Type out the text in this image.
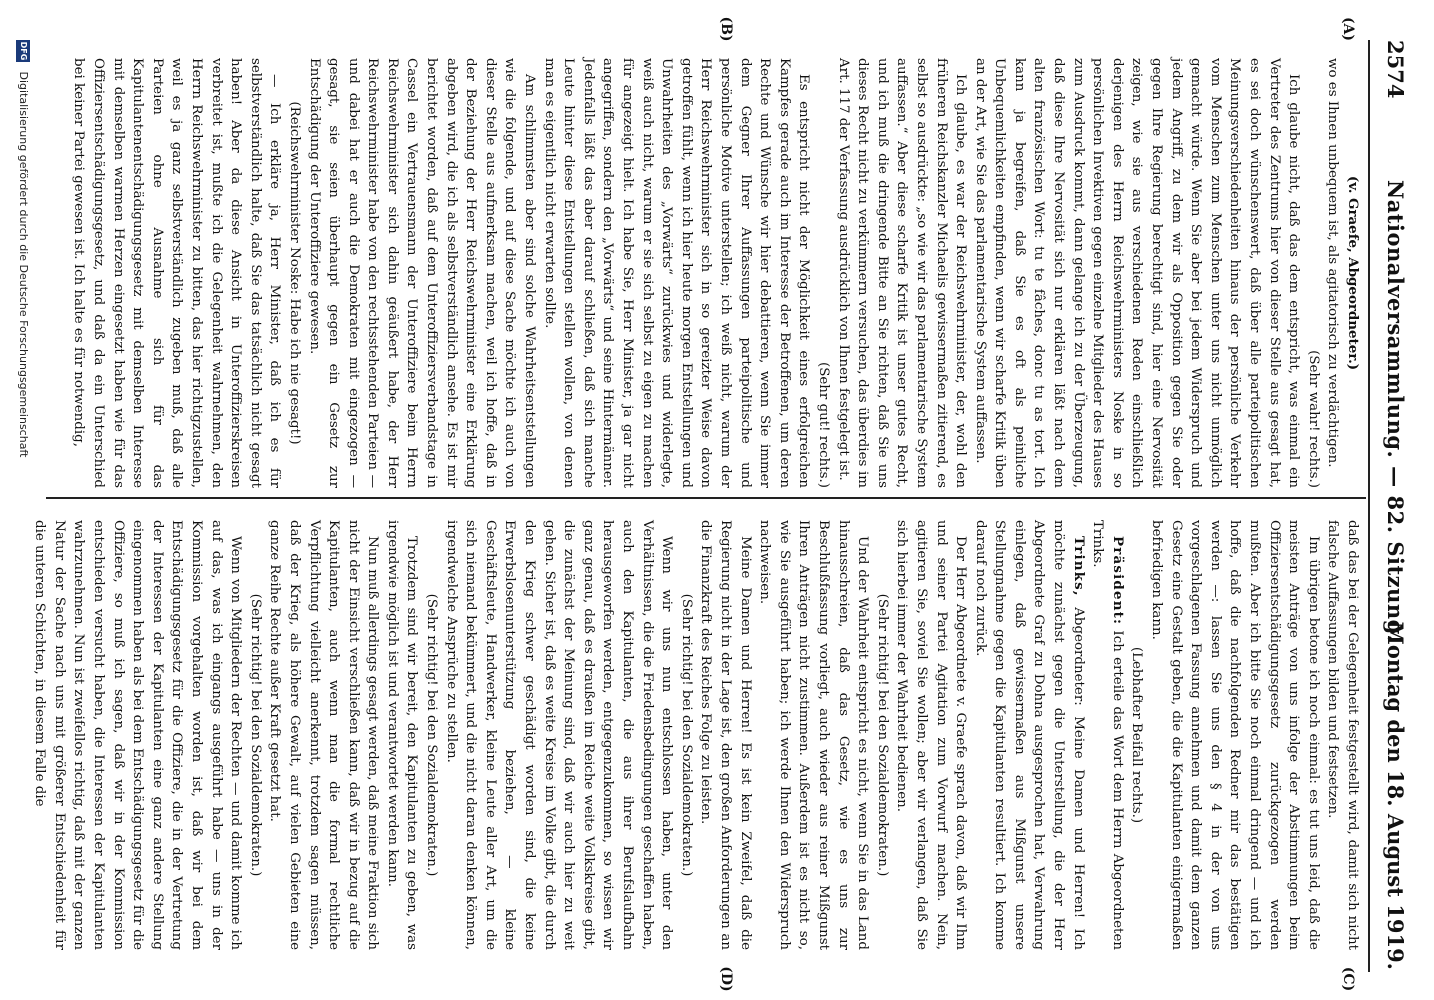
2574
Nationalversammlung. — 82. Sitzung.
Montag den 18. August 1919.
(A)
(B)
(C)
(D)

(v. Graefe, Abgeordneter.)

wo es Ihnen unbequem ist, als agitatorisch zu verdächtigen.

(Sehr wahr! rechts.)

Ich glaube nicht, daß das dem entspricht, was einmal ein Vertreter des Zentrums hier von dieser Stelle aus gesagt hat, es sei doch wünschenswert, daß über alle parteipolitischen Meinungsverschiedenheiten hinaus der persönliche Verkehr vom Menschen zum Menschen unter uns nicht unmöglich gemacht würde. Wenn Sie aber bei jedem Widerspruch und jedem Angriff, zu dem wir als Opposition gegen Sie oder gegen Ihre Regierung berechtigt sind, hier eine Nervosität zeigen, wie sie aus verschiedenen Reden einschließlich derjenigen des Herrn Reichswehrministers Noske in so persönlichen Invektiven gegen einzelne Mitglieder des Hauses zum Ausdruck kommt, dann gelange ich zu der Überzeugung, daß diese Ihre Nervosität sich nur erklären läßt nach dem alten französischen Wort: tu te fâches, donc tu as tort. Ich kann ja begreifen, daß Sie es oft als peinliche Unbequemlichkeiten empfinden, wenn wir scharfe Kritik üben an der Art, wie Sie das parlamentarische System auffassen.

Ich glaube, es war der Reichswehrminister, der, wohl den früheren Reichskanzler Michaelis gewissermaßen zitierend, es selbst so ausdrückte: „so wie wir das parlamentarische System auffassen.“ Aber diese scharfe Kritik ist unser gutes Recht, und ich muß die dringende Bitte an Sie richten, daß Sie uns dieses Recht nicht zu verkümmern versuchen, das überdies im Art. 117 der Verfassung ausdrücklich von Ihnen festgelegt ist.

(Sehr gut! rechts.)

Es entspricht nicht der Möglichkeit eines erfolgreichen Kampfes gerade auch im Interesse der Betroffenen, um deren Rechte und Wünsche wir hier debattieren, wenn Sie immer dem Gegner Ihrer Auffassungen parteipolitische und persönliche Motive unterstellen; ich weiß nicht, warum der Herr Reichswehrminister sich in so gereizter Weise davon getroffen fühlt, wenn ich hier heute morgen Entstellungen und Unwahrheiten des „Vorwärts“ zurückwies und widerlegte, weiß auch nicht, warum er sie sich selbst zu eigen zu machen für angezeigt hielt. Ich habe Sie, Herr Minister, ja gar nicht angegriffen, sondern den „Vorwärts“ und seine Hintermänner. Jedenfalls läßt das aber darauf schließen, daß sich manche Leute hinter diese Entstellungen stellen wollen, von denen man es eigentlich nicht erwarten sollte.

Am schlimmsten aber sind solche Wahrheitsentstellungen wie die folgende, und auf diese Sache möchte ich auch von dieser Stelle aus aufmerksam machen, weil ich hoffe, daß in der Beziehung der Herr Reichswehrminister eine Erklärung abgeben wird, die ich als selbstverständlich ansehe. Es ist mir berichtet worden, daß auf dem Unteroffiziersverbandstage in Cassel ein Vertrauensmann der Unteroffiziere beim Herrn Reichswehrminister sich dahin geäußert habe, der Herr Reichswehrminister habe von den rechtsstehenden Parteien — und dabei hat er auch die Demokraten mit eingezogen — gesagt, sie seien überhaupt gegen ein Gesetz zur Entschädigung der Unteroffiziere gewesen.

(Reichswehrminister Noske: Habe ich nie gesagt!)

— Ich erkläre ja, Herr Minister, daß ich es für selbstverständlich halte, daß Sie das tatsächlich nicht gesagt haben! Aber da diese Ansicht in Unteroffizierskreisen verbreitet ist, mußte ich die Gelegenheit wahrnehmen, den Herrn Reichswehrminister zu bitten, das hier richtigzustellen, weil es ja ganz selbstverständlich zugeben muß, daß alle Parteien ohne Ausnahme sich für das Kapitulantenentschädigungsgesetz mit demselben Interesse mit demselben warmen Herzen eingesetzt haben wie für das Offiziersentschädigungsgesetz, und daß da ein Unterschied bei keiner Partei gewesen ist. Ich halte es für notwendig,

daß das bei der Gelegenheit festgestellt wird, damit sich nicht falsche Auffassungen bilden und festsetzen.

Im übrigen betone ich noch einmal: es tut uns leid, daß die meisten Anträge von uns infolge der Abstimmungen beim Offiziersentschädigungsgesetz zurückgezogen werden mußten. Aber ich bitte Sie noch einmal dringend — und ich hoffe, daß die nachfolgenden Redner mir das bestätigen werden —: lassen Sie uns den § 4 in der von uns vorgeschlagenen Fassung annehmen und damit dem ganzen Gesetz eine Gestalt geben, die die Kapitulanten einigermaßen befriedigen kann.

(Lebhafter Beifall rechts.)

Präsident: Ich erteile das Wort dem Herrn Abgeordneten Trinks.

Trinks, Abgeordneter: Meine Damen und Herren! Ich möchte zunächst gegen die Unterstellung, die der Herr Abgeordnete Graf zu Dohna ausgesprochen hat, Verwahrung einlegen, daß gewissermaßen aus Mißgunst unsere Stellungnahme gegen die Kapitulanten resultiert. Ich komme darauf noch zurück.

Der Herr Abgeordnete v. Graefe sprach davon, daß wir Ihm und seiner Partei Agitation zum Vorwurf machen. Nein, agitieren Sie, soviel Sie wollen; aber wir verlangen, daß Sie sich hierbei immer der Wahrheit bedienen.

(Sehr richtig! bei den Sozialdemokraten.)

Und der Wahrheit entspricht es nicht, wenn Sie in das Land hinausschreien, daß das Gesetz, wie es uns zur Beschlußfassung vorliegt, auch wieder aus reiner Mißgunst Ihren Anträgen nicht zustimmen. Außerdem ist es nicht so, wie Sie ausgeführt haben; ich werde Ihnen den Widerspruch nachweisen.

Meine Damen und Herren! Es ist kein Zweifel, daß die Regierung nicht in der Lage ist, den großen Anforderungen an die Finanzkraft des Reiches Folge zu leisten.

(Sehr richtig! bei den Sozialdemokraten.)

Wenn wir uns nun entschlossen haben, unter den Verhältnissen, die die Friedensbedingungen geschaffen haben, auch den Kapitulanten, die aus ihrer Berufslaufbahn herausgeworfen werden, entgegenzukommen, so wissen wir ganz genau, daß es draußen im Reiche weite Volkskreise gibt, die zunächst der Meinung sind, daß wir auch hier zu weit gehen. Sicher ist, daß es weite Kreise im Volke gibt, die durch den Krieg schwer geschädigt worden sind, die keine Erwerbslosenunterstützung beziehen, — kleine Geschäftsleute, Handwerker, kleine Leute aller Art, um die sich niemand bekümmert, und die nicht daran denken können, irgendwelche Ansprüche zu stellen.

(Sehr richtig! bei den Sozialdemokraten.)

Trotzdem sind wir bereit, den Kapitulanten zu geben, was irgendwie möglich ist und verantwortet werden kann.

Nun muß allerdings gesagt werden, daß meine Fraktion sich nicht der Einsicht verschließen kann, daß wir in bezug auf die Kapitulanten, auch wenn man die formal rechtliche Verpflichtung vielleicht anerkennt, trotzdem sagen müssen, daß der Krieg, als höhere Gewalt, auf vielen Gebieten eine ganze Reihe Rechte außer Kraft gesetzt hat.

(Sehr richtig! bei den Sozialdemokraten.)

Wenn von Mitgliedern der Rechten — und damit komme ich auf das, was ich eingangs ausgeführt habe — uns in der Kommission vorgehalten worden ist, daß wir bei dem Entschädigungsgesetz für die Offiziere, die in der Vertretung der Interessen der Kapitulanten eine ganz andere Stellung eingenommen haben als bei dem Entschädigungsgesetz für die Offiziere, so muß ich sagen, daß wir in der Kommission entschieden versucht haben, die Interessen der Kapitulanten wahrzunehmen. Nun ist zweifellos richtig, daß mit der ganzen Natur der Sache nach uns mit größerer Entschiedenheit für die unteren Schichten, in diesem Falle die

DFG Digitalisierung gefördert durch die Deutsche Forschungsgemeinschaft
